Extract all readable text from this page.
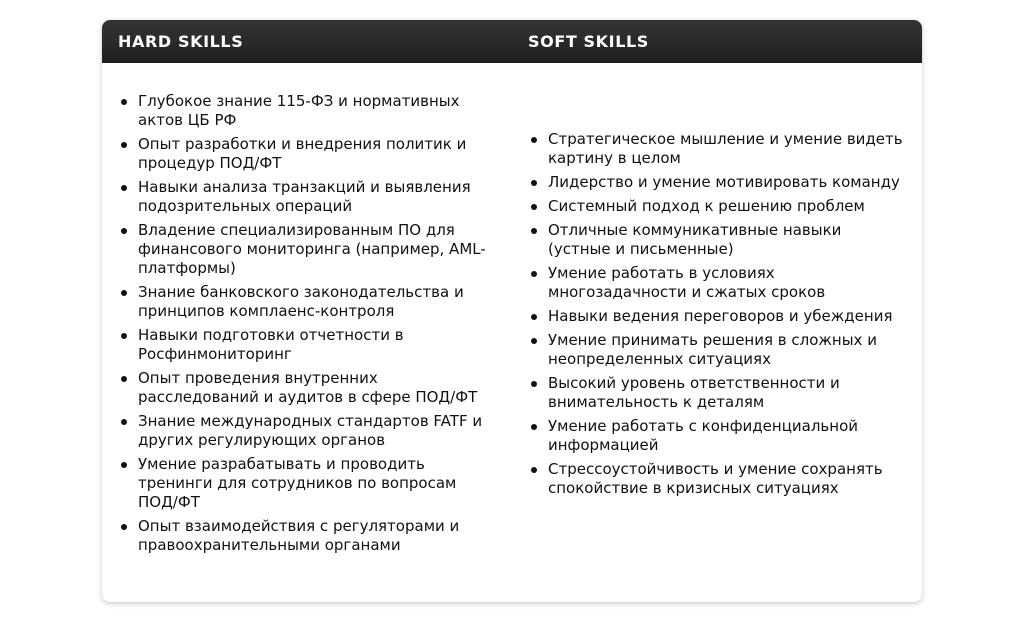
HARD SKILLS	SOFT SKILLS
Глубокое знание 115-ФЗ и нормативных актов ЦБ РФ
Опыт разработки и внедрения политик и процедур ПОД/ФТ
Навыки анализа транзакций и выявления подозрительных операций
Владение специализированным ПО для финансового мониторинга (например, AML-платформы)
Знание банковского законодательства и принципов комплаенс-контроля
Навыки подготовки отчетности в Росфинмониторинг
Опыт проведения внутренних расследований и аудитов в сфере ПОД/ФТ
Знание международных стандартов FATF и других регулирующих органов
Умение разрабатывать и проводить тренинги для сотрудников по вопросам ПОД/ФТ
Опыт взаимодействия с регуляторами и правоохранительными органами
Стратегическое мышление и умение видеть картину в целом
Лидерство и умение мотивировать команду
Системный подход к решению проблем
Отличные коммуникативные навыки (устные и письменные)
Умение работать в условиях многозадачности и сжатых сроков
Навыки ведения переговоров и убеждения
Умение принимать решения в сложных и неопределенных ситуациях
Высокий уровень ответственности и внимательность к деталям
Умение работать с конфиденциальной информацией
Стрессоустойчивость и умение сохранять спокойствие в кризисных ситуациях
